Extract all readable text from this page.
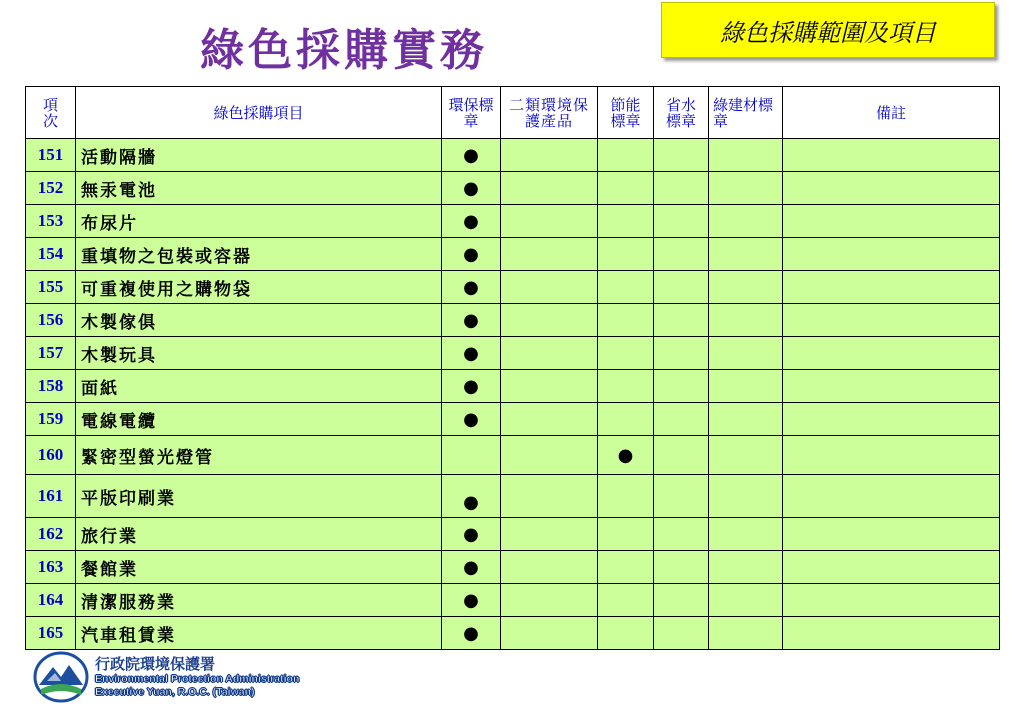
綠色採購實務	綠色採購範圍及項目
項次	綠色採購項目	環保標章	二類環境保護產品	節能標章	省水標章	綠建材標章	備註
151	活動隔牆	●					
152	無汞電池	●					
153	布尿片	●					
154	重填物之包裝或容器	●					
155	可重複使用之購物袋	●					
156	木製傢俱	●					
157	木製玩具	●					
158	面紙	●					
159	電線電纜	●					
160	緊密型螢光燈管			●			
161	平版印刷業	●					
162	旅行業	●					
163	餐館業	●					
164	清潔服務業	●					
165	汽車租賃業	●					
行政院環境保護署
Environmental Protection Administration
Executive Yuan, R.O.C. (Taiwan)
